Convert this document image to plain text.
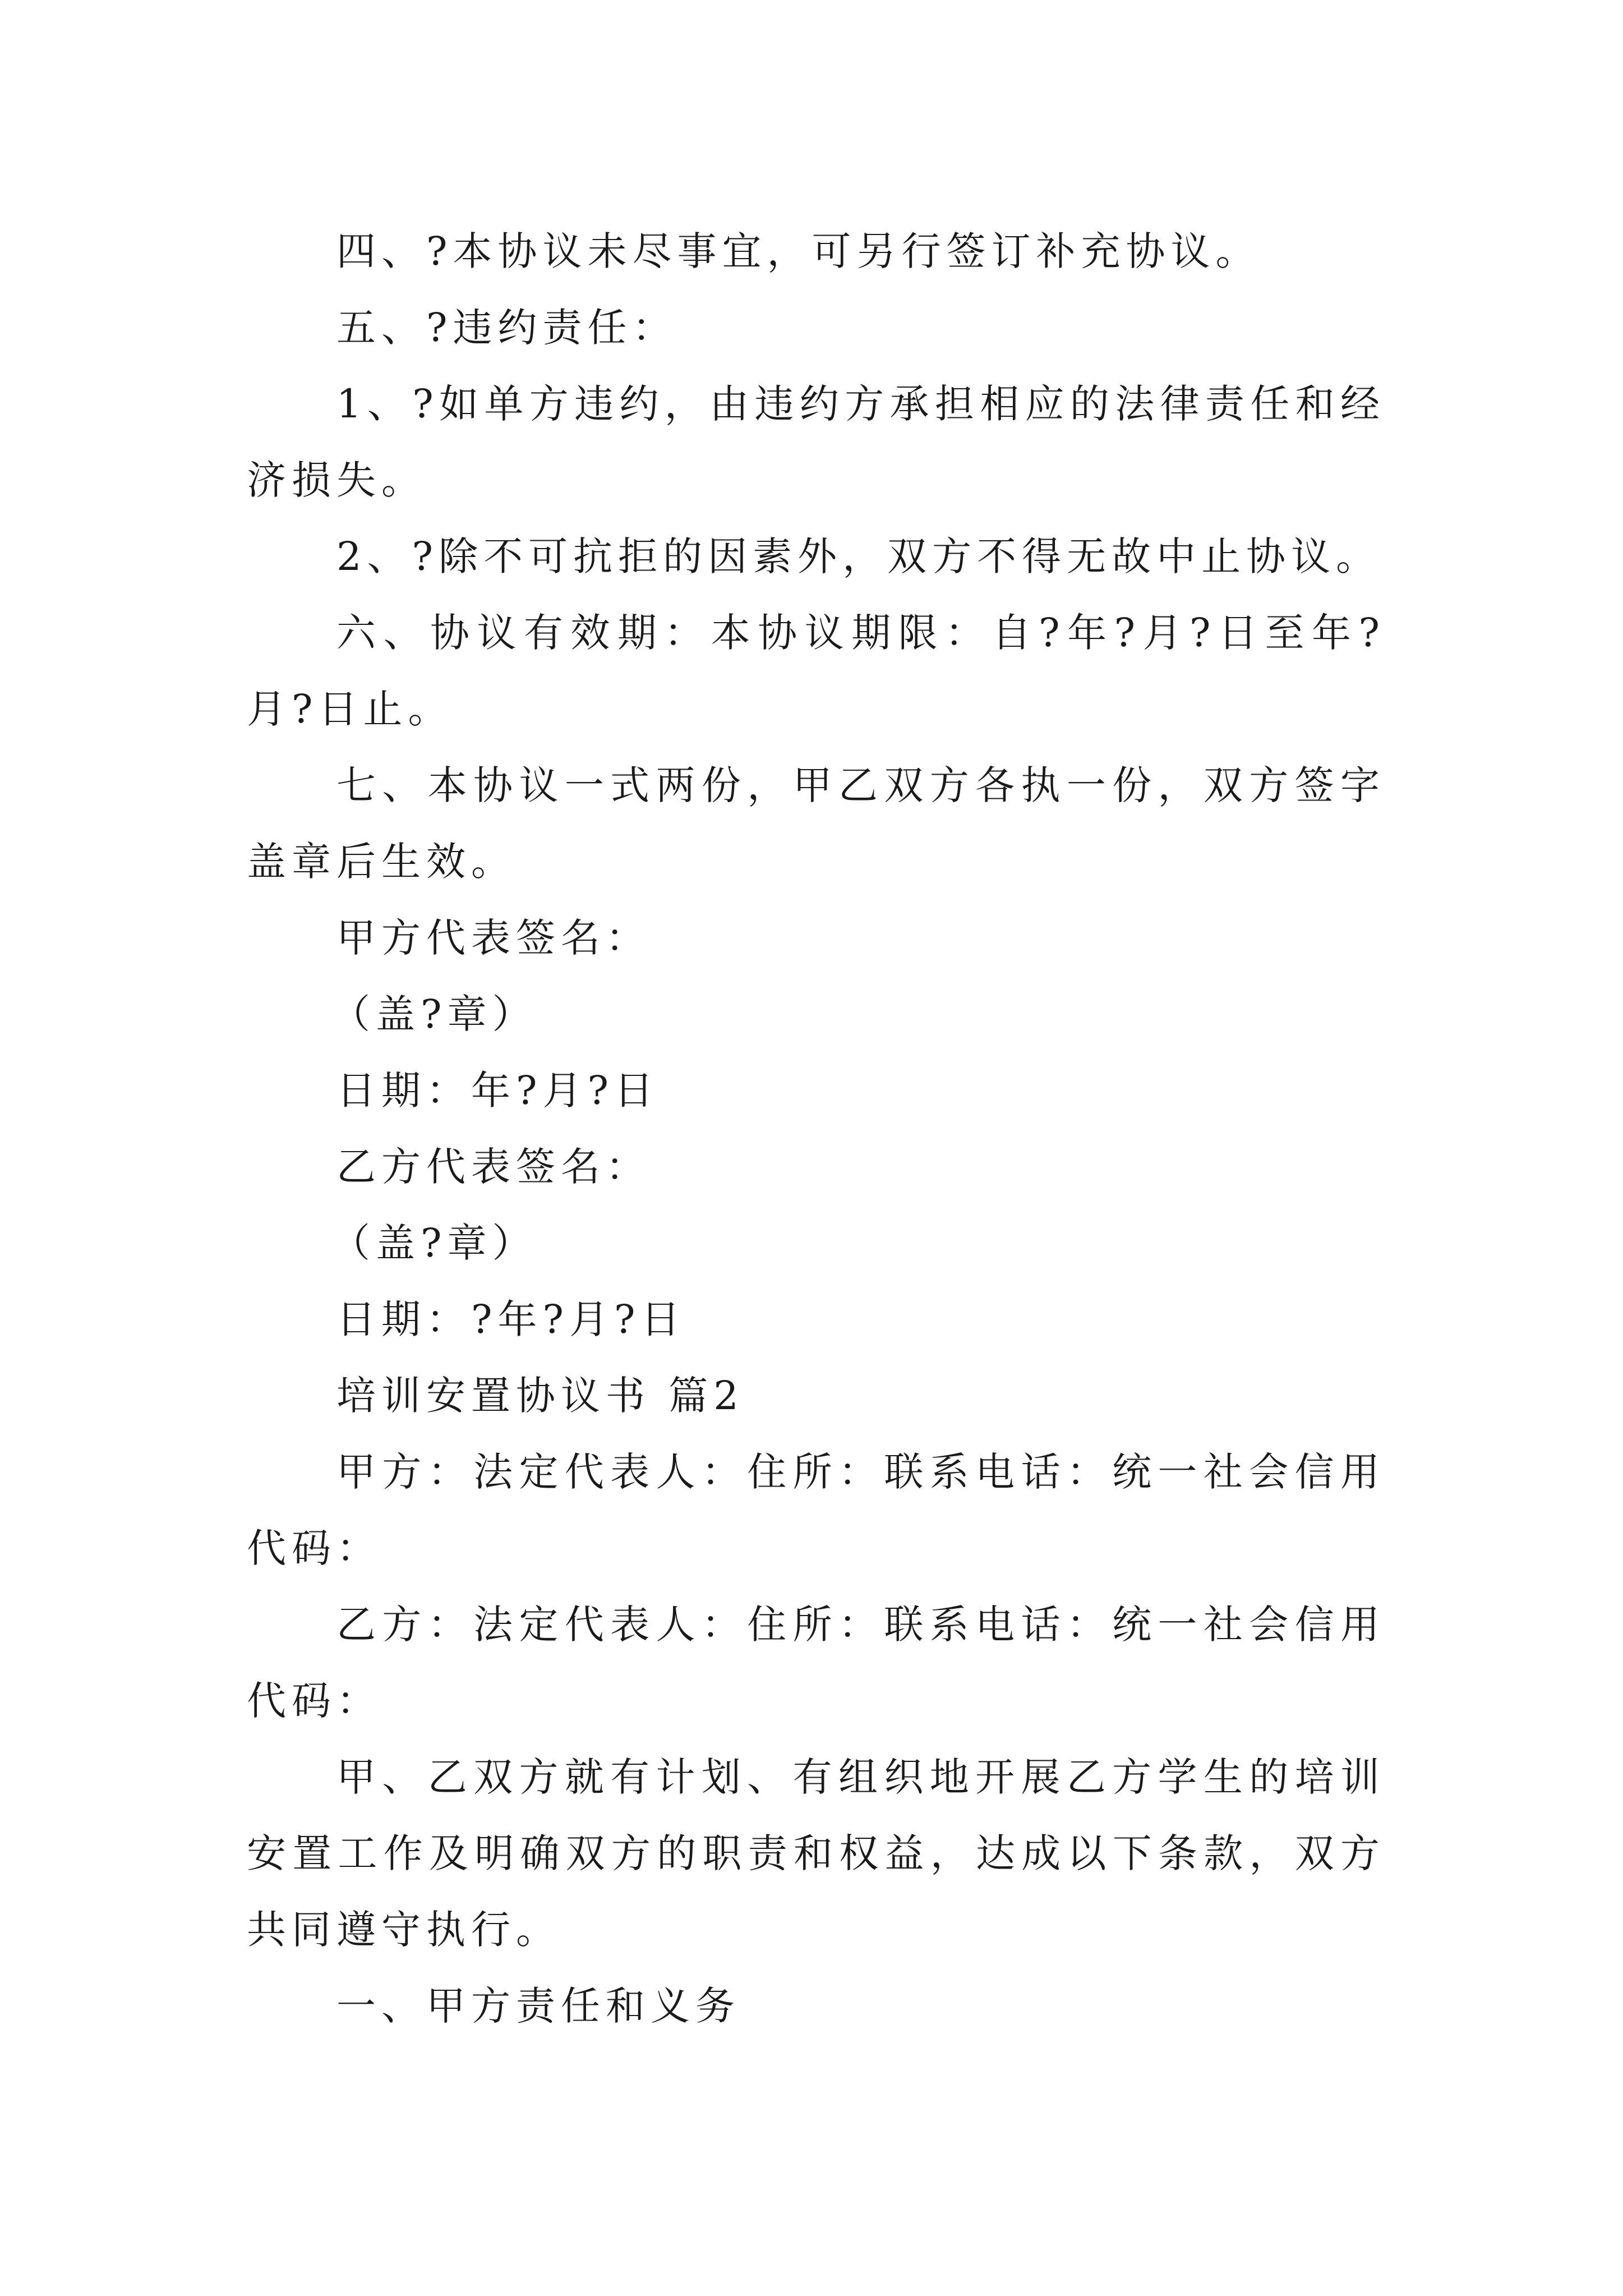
四、?本协议未尽事宜，可另行签订补充协议。

五、?违约责任：

1、?如单方违约，由违约方承担相应的法律责任和经济损失。

2、?除不可抗拒的因素外，双方不得无故中止协议。

六、协议有效期：本协议期限：自?年?月?日至年?月?日止。

七、本协议一式两份，甲乙双方各执一份，双方签字盖章后生效。

甲方代表签名：

（盖?章）

日期：年?月?日

乙方代表签名：

（盖?章）

日期：?年?月?日

培训安置协议书 篇2

甲方：法定代表人：住所：联系电话：统一社会信用代码：

乙方：法定代表人：住所：联系电话：统一社会信用代码：

甲、乙双方就有计划、有组织地开展乙方学生的培训安置工作及明确双方的职责和权益，达成以下条款，双方共同遵守执行。

一、甲方责任和义务
